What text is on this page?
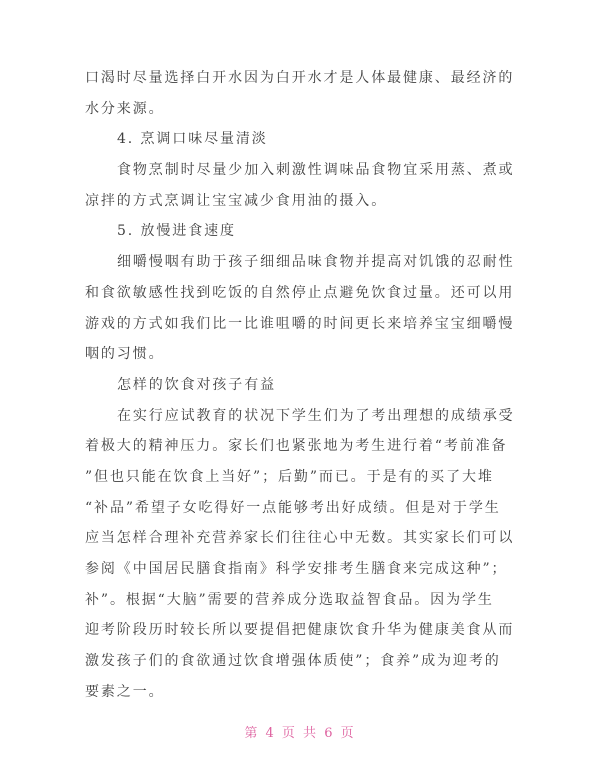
口渴时尽量选择白开水因为白开水才是人体最健康、最经济的
水分来源。
4. 烹调口味尽量清淡
食物烹制时尽量少加入刺激性调味品食物宜采用蒸、煮或
凉拌的方式烹调让宝宝减少食用油的摄入。
5. 放慢进食速度
细嚼慢咽有助于孩子细细品味食物并提高对饥饿的忍耐性
和食欲敏感性找到吃饭的自然停止点避免饮食过量。还可以用
游戏的方式如我们比一比谁咀嚼的时间更长来培养宝宝细嚼慢
咽的习惯。
怎样的饮食对孩子有益
在实行应试教育的状况下学生们为了考出理想的成绩承受
着极大的精神压力。家长们也紧张地为考生进行着“考前准备
”但也只能在饮食上当好”；后勤”而已。于是有的买了大堆
“补品”希望子女吃得好一点能够考出好成绩。但是对于学生
应当怎样合理补充营养家长们往往心中无数。其实家长们可以
参阅《中国居民膳食指南》科学安排考生膳食来完成这种”；
补”。根据“大脑”需要的营养成分选取益智食品。因为学生
迎考阶段历时较长所以要提倡把健康饮食升华为健康美食从而
激发孩子们的食欲通过饮食增强体质使”；食养”成为迎考的
要素之一。
第 4 页 共 6 页
